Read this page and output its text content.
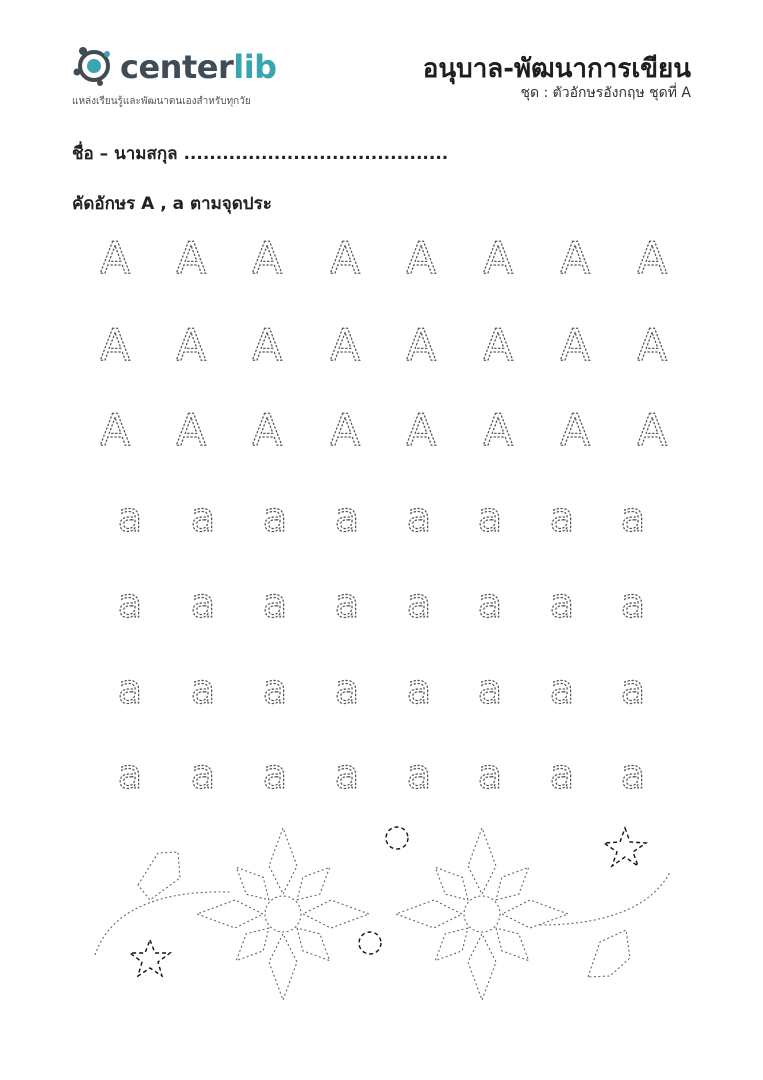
centerlib
แหล่งเรียนรู้และพัฒนาตนเองสำหรับทุกวัย
อนุบาล-พัฒนาการเขียน
ชุด : ตัวอักษรอังกฤษ ชุดที่ A
ชื่อ – นามสกุล .........................................
คัดอักษร A , a ตามจุดประ
A A A A A A A A
A A A A A A A A
A A A A A A A A
a a a a a a a a
a a a a a a a a
a a a a a a a a
a a a a a a a a
